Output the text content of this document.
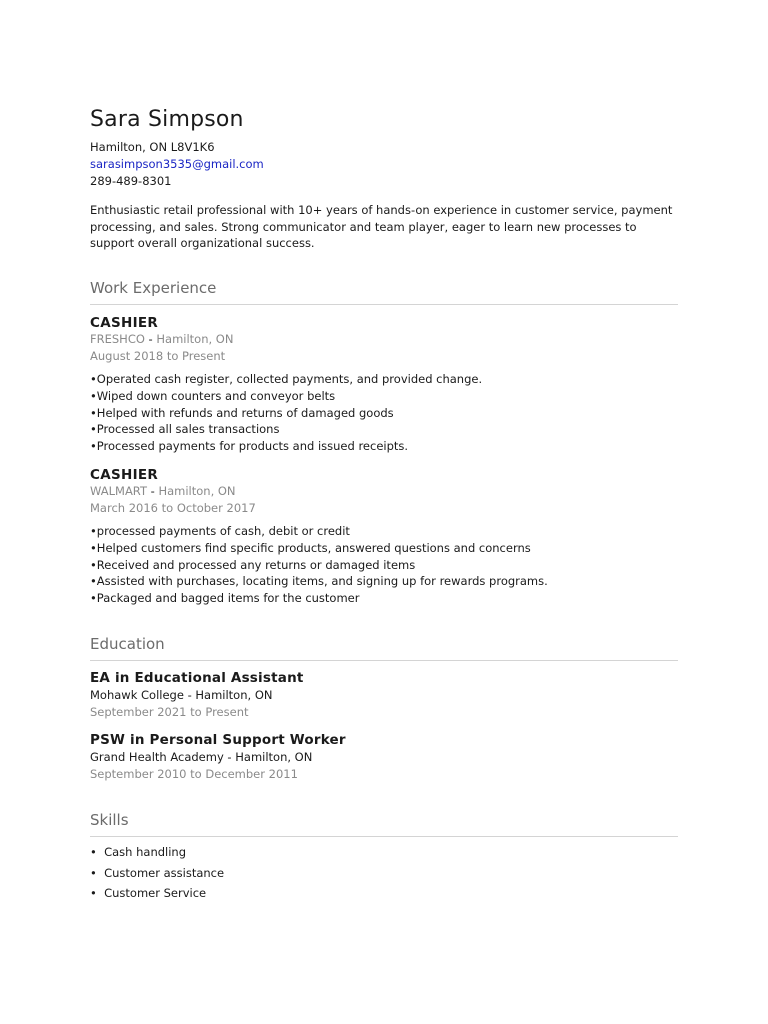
Sara Simpson
Hamilton, ON L8V1K6
sarasimpson3535@gmail.com
289-489-8301
Enthusiastic retail professional with 10+ years of hands-on experience in customer service, payment processing, and sales. Strong communicator and team player, eager to learn new processes to support overall organizational success.
Work Experience
CASHIER
FRESHCO - Hamilton, ON
August 2018 to Present
• Operated cash register, collected payments, and provided change.
• Wiped down counters and conveyor belts
• Helped with refunds and returns of damaged goods
• Processed all sales transactions
• Processed payments for products and issued receipts.
CASHIER
WALMART - Hamilton, ON
March 2016 to October 2017
• processed payments of cash, debit or credit
• Helped customers find specific products, answered questions and concerns
• Received and processed any returns or damaged items
• Assisted with purchases, locating items, and signing up for rewards programs.
• Packaged and bagged items for the customer
Education
EA in Educational Assistant
Mohawk College - Hamilton, ON
September 2021 to Present
PSW in Personal Support Worker
Grand Health Academy - Hamilton, ON
September 2010 to December 2011
Skills
•  Cash handling
•  Customer assistance
•  Customer Service
